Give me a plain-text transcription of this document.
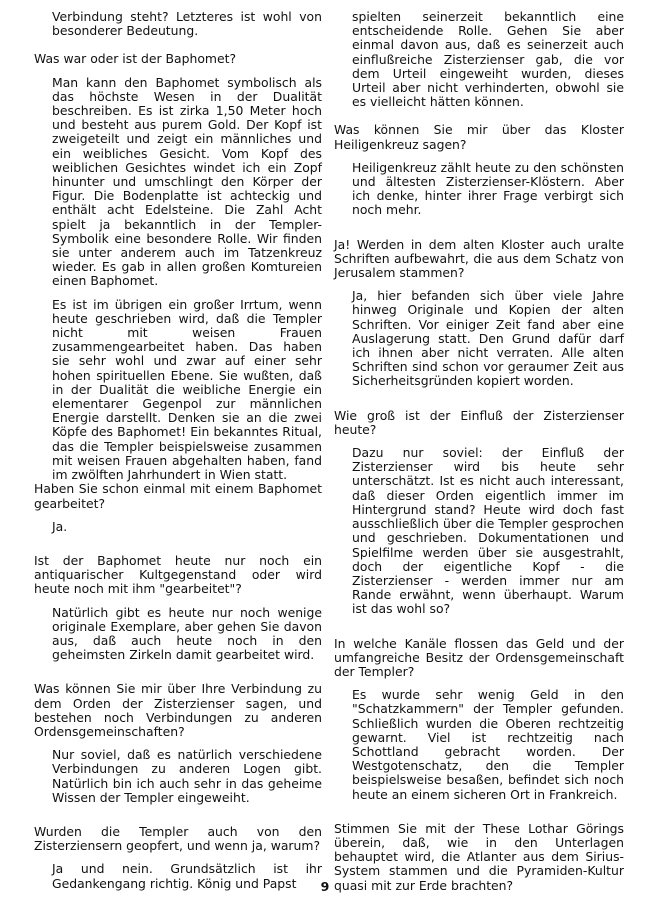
Verbindung steht? Letzteres ist wohl von besonderer Bedeutung.
Was war oder ist der Baphomet?
Man kann den Baphomet symbolisch als das höchste Wesen in der Dualität beschreiben. Es ist zirka 1,50 Meter hoch und besteht aus purem Gold. Der Kopf ist zweigeteilt und zeigt ein männliches und ein weibliches Gesicht. Vom Kopf des weiblichen Gesichtes windet ich ein Zopf hinunter und umschlingt den Körper der Figur. Die Bodenplatte ist achteckig und enthält acht Edelsteine. Die Zahl Acht spielt ja bekanntlich in der Templer-Symbolik eine besondere Rolle. Wir finden sie unter anderem auch im Tatzenkreuz wieder. Es gab in allen großen Komtureien einen Baphomet.
Es ist im übrigen ein großer Irrtum, wenn heute geschrieben wird, daß die Templer nicht mit weisen Frauen zusammengearbeitet haben. Das haben sie sehr wohl und zwar auf einer sehr hohen spirituellen Ebene. Sie wußten, daß in der Dualität die weibliche Energie ein elementarer Gegenpol zur männlichen Energie darstellt. Denken sie an die zwei Köpfe des Baphomet! Ein bekanntes Ritual, das die Templer beispielsweise zusammen mit weisen Frauen abgehalten haben, fand im zwölften Jahrhundert in Wien statt.
Haben Sie schon einmal mit einem Baphomet gearbeitet?
Ja.
Ist der Baphomet heute nur noch ein antiquarischer Kultgegenstand oder wird heute noch mit ihm "gearbeitet"?
Natürlich gibt es heute nur noch wenige originale Exemplare, aber gehen Sie davon aus, daß auch heute noch in den geheimsten Zirkeln damit gearbeitet wird.
Was können Sie mir über Ihre Verbindung zu dem Orden der Zisterzienser sagen, und bestehen noch Verbindungen zu anderen Ordensgemeinschaften?
Nur soviel, daß es natürlich verschiedene Verbindungen zu anderen Logen gibt. Natürlich bin ich auch sehr in das geheime Wissen der Templer eingeweiht.
Wurden die Templer auch von den Zisterziensern geopfert, und wenn ja, warum?
Ja und nein. Grundsätzlich ist ihr Gedankengang richtig. König und Papst
spielten seinerzeit bekanntlich eine entscheidende Rolle. Gehen Sie aber einmal davon aus, daß es seinerzeit auch einflußreiche Zisterzienser gab, die vor dem Urteil eingeweiht wurden, dieses Urteil aber nicht verhinderten, obwohl sie es vielleicht hätten können.
Was können Sie mir über das Kloster Heiligenkreuz sagen?
Heiligenkreuz zählt heute zu den schönsten und ältesten Zisterzienser-Klöstern. Aber ich denke, hinter ihrer Frage verbirgt sich noch mehr.
Ja! Werden in dem alten Kloster auch uralte Schriften aufbewahrt, die aus dem Schatz von Jerusalem stammen?
Ja, hier befanden sich über viele Jahre hinweg Originale und Kopien der alten Schriften. Vor einiger Zeit fand aber eine Auslagerung statt. Den Grund dafür darf ich ihnen aber nicht verraten. Alle alten Schriften sind schon vor geraumer Zeit aus Sicherheitsgründen kopiert worden.
Wie groß ist der Einfluß der Zisterzienser heute?
Dazu nur soviel: der Einfluß der Zisterzienser wird bis heute sehr unterschätzt. Ist es nicht auch interessant, daß dieser Orden eigentlich immer im Hintergrund stand? Heute wird doch fast ausschließlich über die Templer gesprochen und geschrieben. Dokumentationen und Spielfilme werden über sie ausgestrahlt, doch der eigentliche Kopf - die Zisterzienser - werden immer nur am Rande erwähnt, wenn überhaupt. Warum ist das wohl so?
In welche Kanäle flossen das Geld und der umfangreiche Besitz der Ordensgemeinschaft der Templer?
Es wurde sehr wenig Geld in den "Schatzkammern" der Templer gefunden. Schließlich wurden die Oberen rechtzeitig gewarnt. Viel ist rechtzeitig nach Schottland gebracht worden. Der Westgotenschatz, den die Templer beispielsweise besaßen, befindet sich noch heute an einem sicheren Ort in Frankreich.
Stimmen Sie mit der These Lothar Görings überein, daß, wie in den Unterlagen behauptet wird, die Atlanter aus dem Sirius-System stammen und die Pyramiden-Kultur quasi mit zur Erde brachten?
9
